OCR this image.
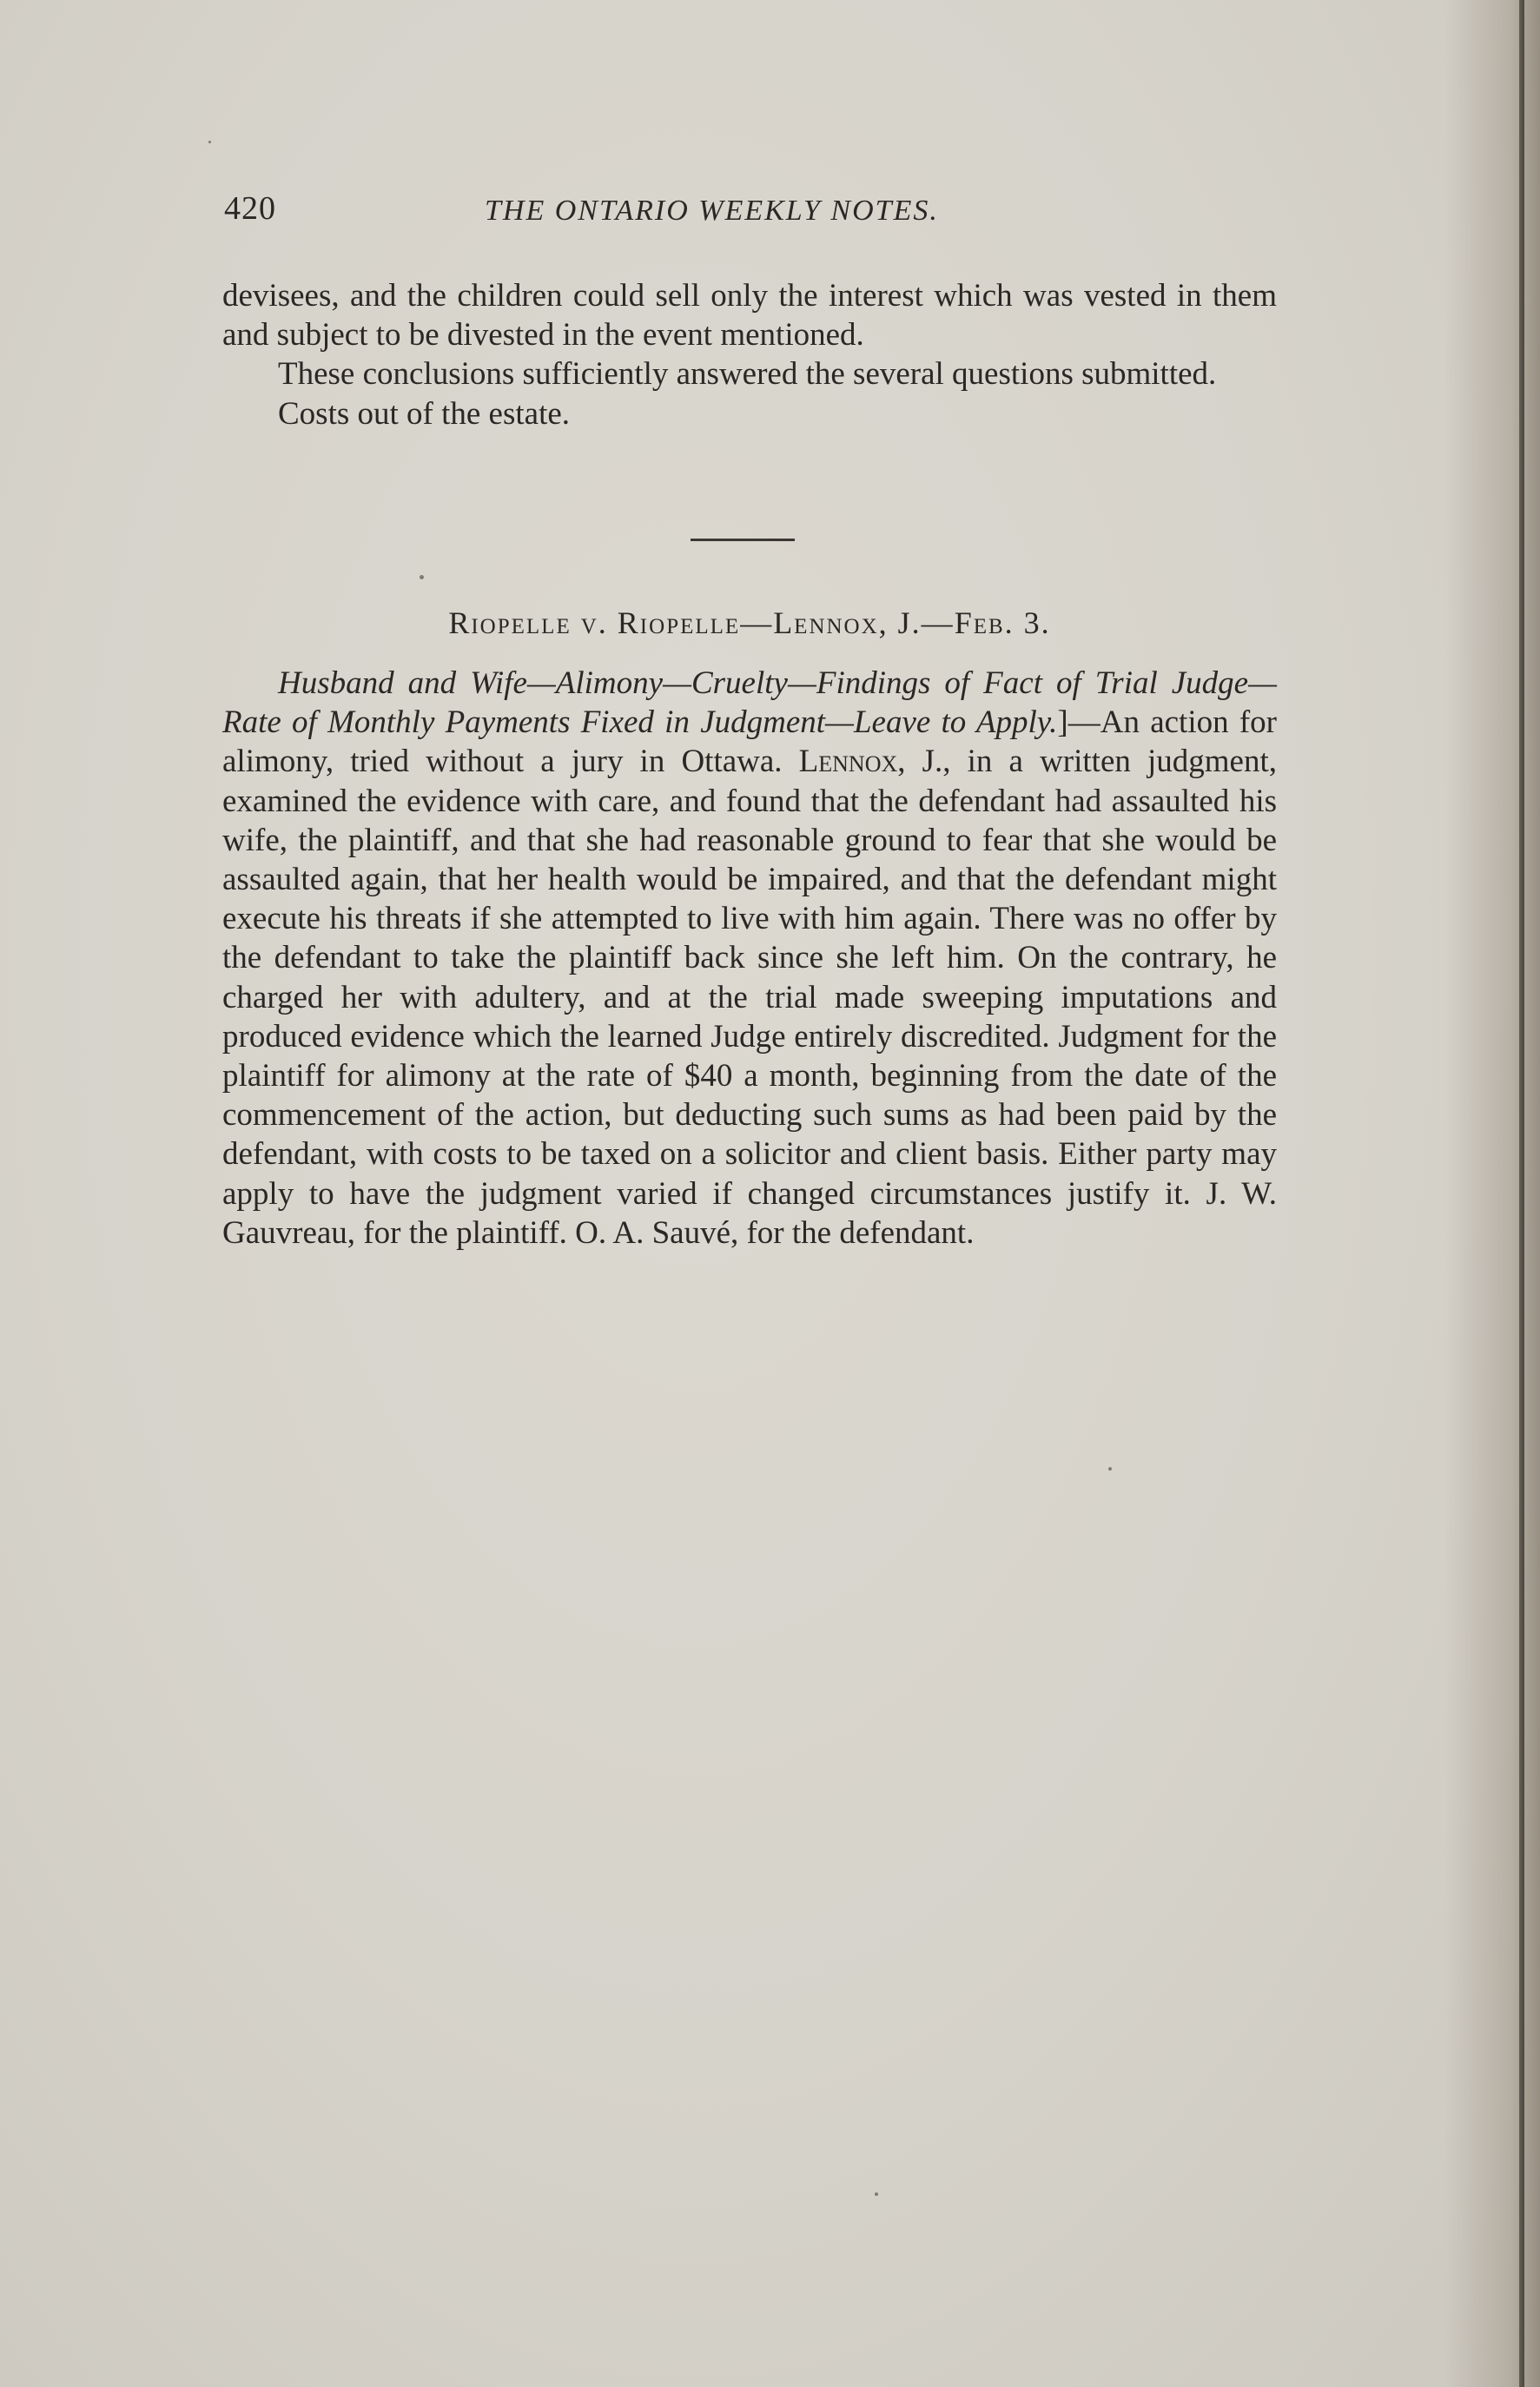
420	THE ONTARIO WEEKLY NOTES.

devisees, and the children could sell only the interest which was vested in them and subject to be divested in the event mentioned.

These conclusions sufficiently answered the several questions submitted.

Costs out of the estate.

Riopelle v. Riopelle—Lennox, J.—Feb. 3.

Husband and Wife—Alimony—Cruelty—Findings of Fact of Trial Judge—Rate of Monthly Payments Fixed in Judgment—Leave to Apply.]—An action for alimony, tried without a jury in Ottawa. Lennox, J., in a written judgment, examined the evidence with care, and found that the defendant had assaulted his wife, the plaintiff, and that she had reasonable ground to fear that she would be assaulted again, that her health would be impaired, and that the defendant might execute his threats if she attempted to live with him again. There was no offer by the defendant to take the plaintiff back since she left him. On the contrary, he charged her with adultery, and at the trial made sweeping imputations and produced evidence which the learned Judge entirely discredited. Judgment for the plaintiff for alimony at the rate of $40 a month, beginning from the date of the commencement of the action, but deducting such sums as had been paid by the defendant, with costs to be taxed on a solicitor and client basis. Either party may apply to have the judgment varied if changed circumstances justify it. J. W. Gauvreau, for the plaintiff. O. A. Sauvé, for the defendant.
